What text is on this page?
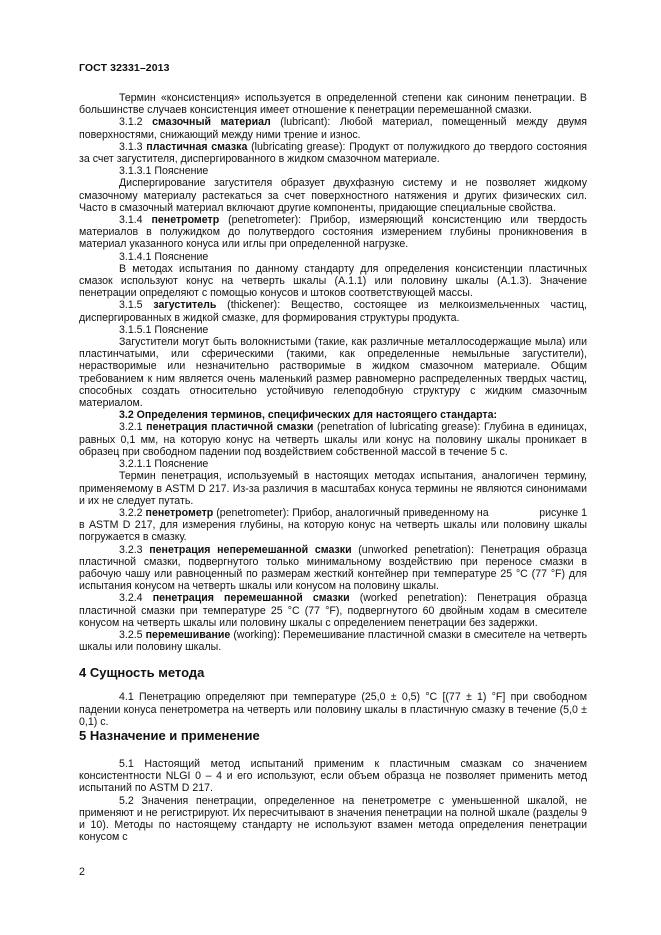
ГОСТ 32331–2013

Термин «консистенция» используется в определенной степени как синоним пенетрации. В большинстве случаев консистенция имеет отношение к пенетрации перемешанной смазки.

3.1.2 смазочный материал (lubricant): Любой материал, помещенный между двумя поверхностями, снижающий между ними трение и износ.

3.1.3 пластичная смазка (lubricating grease): Продукт от полужидкого до твердого состояния за счет загустителя, диспергированного в жидком смазочном материале.

3.1.3.1 Пояснение

Диспергирование загустителя образует двухфазную систему и не позволяет жидкому смазочному материалу растекаться за счет поверхностного натяжения и других физических сил. Часто в смазочный материал включают другие компоненты, придающие специальные свойства.

3.1.4 пенетрометр (penetrometer): Прибор, измеряющий консистенцию или твердость материалов в полужидком до полутвердого состояния измерением глубины проникновения в материал указанного конуса или иглы при определенной нагрузке.

3.1.4.1 Пояснение

В методах испытания по данному стандарту для определения консистенции пластичных смазок используют конус на четверть шкалы (А.1.1) или половину шкалы (А.1.3). Значение пенетрации определяют с помощью конусов и штоков соответствующей массы.

3.1.5 загуститель (thickener): Вещество, состоящее из мелкоизмельченных частиц, диспергированных в жидкой смазке, для формирования структуры продукта.

3.1.5.1 Пояснение

Загустители могут быть волокнистыми (такие, как различные металлосодержащие мыла) или пластинчатыми, или сферическими (такими, как определенные немыльные загустители), нерастворимые или незначительно растворимые в жидком смазочном материале. Общим требованием к ним является очень маленький размер равномерно распределенных твердых частиц, способных создать относительно устойчивую гелеподобную структуру с жидким смазочным материалом.

3.2 Определения терминов, специфических для настоящего стандарта:

3.2.1 пенетрация пластичной смазки (penetration of lubricating grease): Глубина в единицах, равных 0,1 мм, на которую конус на четверть шкалы или конус на половину шкалы проникает в образец при свободном падении под воздействием собственной массой в течение 5 с.

3.2.1.1 Пояснение

Термин пенетрация, используемый в настоящих методах испытания, аналогичен термину, применяемому в ASTM D 217. Из-за различия в масштабах конуса термины не являются синонимами и их не следует путать.

3.2.2 пенетрометр (penetrometer): Прибор, аналогичный приведенному на                 рисунке 1 в ASTM D 217, для измерения глубины, на которую конус на четверть шкалы или половину шкалы погружается в смазку.

3.2.3 пенетрация неперемешанной смазки (unworked penetration): Пенетрация образца пластичной смазки, подвергнутого только минимальному воздействию при переносе смазки в рабочую чашу или равноценный по размерам жесткий контейнер при температуре 25 °С (77 °F) для испытания конусом на четверть шкалы или конусом на половину шкалы.

3.2.4 пенетрация перемешанной смазки (worked penetration): Пенетрация образца пластичной смазки при температуре 25 °С (77 °F), подвергнутого 60 двойным ходам в смесителе конусом на четверть шкалы или половину шкалы с определением пенетрации без задержки.

3.2.5 перемешивание (working): Перемешивание пластичной смазки в смесителе на четверть шкалы или половину шкалы.

4 Сущность метода

4.1 Пенетрацию определяют при температуре (25,0 ± 0,5) °С [(77 ± 1) °F] при свободном падении конуса пенетрометра на четверть или половину шкалы в пластичную смазку в течение (5,0 ± 0,1) с.

5 Назначение и применение

5.1 Настоящий метод испытаний применим к пластичным смазкам со значением консистентности NLGI 0 – 4 и его используют, если объем образца не позволяет применить метод испытаний по ASTM D 217.

5.2 Значения пенетрации, определенное на пенетрометре с уменьшенной шкалой, не применяют и не регистрируют. Их пересчитывают в значения пенетрации на полной шкале (разделы 9 и 10). Методы по настоящему стандарту не используют взамен метода определения пенетрации конусом с

2
